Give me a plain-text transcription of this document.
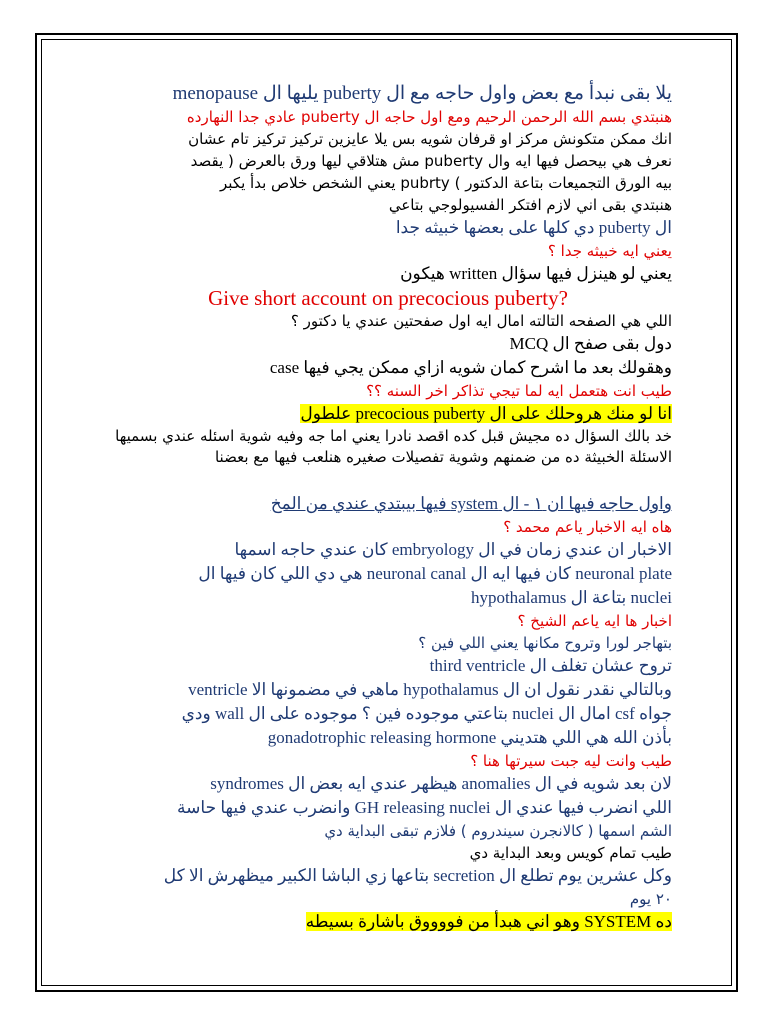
يلا بقى نبدأ مع بعض واول حاجه مع ال puberty يليها ال menopause
هنبتدي بسم الله الرحمن الرحيم ومع اول حاجه ال puberty عادي جدا النهارده
انك ممكن متكونش مركز او قرفان شويه بس يلا عايزين تركيز تركيز تام عشان
نعرف هي بيحصل فيها ايه وال puberty مش هتلاقي ليها ورق بالعرض ( يقصد
بيه الورق التجميعات بتاعة الدكتور ) pubrty يعني الشخص خلاص بدأ يكبر
هنبتدي بقى اني لازم افتكر الفسيولوجي بتاعي
ال puberty دي كلها على بعضها خبيثه جدا
يعني ايه خبيثه جدا ؟
يعني لو هينزل فيها سؤال written هيكون
Give short account on precocious puberty?
اللي هي الصفحه التالته امال ايه اول صفحتين عندي يا دكتور ؟
دول بقى صفح ال MCQ
وهقولك بعد ما اشرح كمان شويه ازاي ممكن يجي فيها case
طيب انت هتعمل ايه لما تيجي تذاكر اخر السنه ؟؟
انا لو منك هروحلك على ال precocious puberty علطول
خد بالك السؤال ده مجيش قبل كده اقصد نادرا يعني اما جه وفيه شوية اسئله عندي بسميها الاسئلة الخبيثة ده من ضمنهم وشوية تفصيلات صغيره هنلعب فيها مع بعضنا
واول حاجه فيها ان ١ - ال system فيها بيبتدي عندي من المخ
هاه ايه الاخبار ياعم محمد ؟
الاخبار ان عندي زمان في ال embryology كان عندي حاجه اسمها
neuronal plate كان فيها ايه ال neuronal canal هي دي اللي كان فيها ال
nuclei بتاعة ال hypothalamus
اخبار ها ايه ياعم الشيخ ؟
بتهاجر لورا وتروح مكانها يعني اللي فين ؟
تروح عشان تغلف ال third ventricle
وبالتالي نقدر نقول ان ال hypothalamus ماهي في مضمونها الا ventricle
جواه csf امال ال nuclei بتاعتي موجوده فين ؟ موجوده على ال wall ودي
بأذن الله هي اللي هتديني gonadotrophic releasing hormone
طيب وانت ليه جبت سيرتها هنا ؟
لان بعد شويه في ال anomalies هيظهر عندي ايه بعض ال syndromes
اللي انضرب فيها عندي ال GH releasing nuclei وانضرب عندي فيها حاسة
الشم اسمها ( كالانجرن سيندروم ) فلازم تبقى البداية دي
طيب تمام كويس وبعد البداية دي
وكل عشرين يوم تطلع ال secretion بتاعها زي الباشا الكبير ميظهرش الا كل
٢٠ يوم
ده SYSTEM وهو اني هبدأ من فووووق باشارة بسيطه
